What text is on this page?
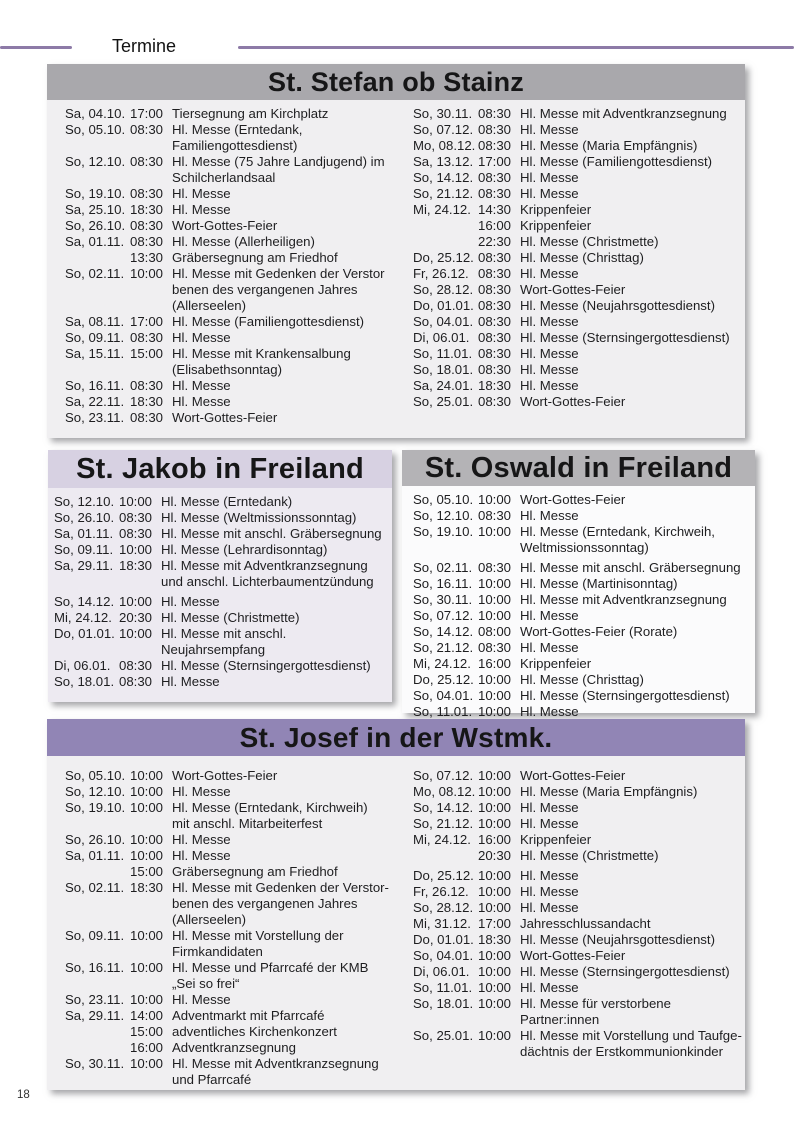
Termine
St. Stefan ob Stainz
Sa, 04.10. 17:00 Tiersegnung am Kirchplatz
So, 05.10. 08:30 Hl. Messe (Erntedank,
Familiengottesdienst)
So, 12.10. 08:30 Hl. Messe (75 Jahre Landjugend) im
Schilcherlandsaal
So, 19.10. 08:30 Hl. Messe
Sa, 25.10. 18:30 Hl. Messe
So, 26.10. 08:30 Wort-Gottes-Feier
Sa, 01.11. 08:30 Hl. Messe (Allerheiligen)
13:30 Gräbersegnung am Friedhof
So, 02.11. 10:00 Hl. Messe mit Gedenken der Verstor
benen des vergangenen Jahres
(Allerseelen)
Sa, 08.11. 17:00 Hl. Messe (Familiengottesdienst)
So, 09.11. 08:30 Hl. Messe
Sa, 15.11. 15:00 Hl. Messe mit Krankensalbung
(Elisabethsonntag)
So, 16.11. 08:30 Hl. Messe
Sa, 22.11. 18:30 Hl. Messe
So, 23.11. 08:30 Wort-Gottes-Feier
So, 30.11. 08:30 Hl. Messe mit Adventkranzsegnung
So, 07.12. 08:30 Hl. Messe
Mo, 08.12. 08:30 Hl. Messe (Maria Empfängnis)
Sa, 13.12. 17:00 Hl. Messe (Familiengottesdienst)
So, 14.12. 08:30 Hl. Messe
So, 21.12. 08:30 Hl. Messe
Mi, 24.12. 14:30 Krippenfeier
16:00 Krippenfeier
22:30 Hl. Messe (Christmette)
Do, 25.12. 08:30 Hl. Messe (Christtag)
Fr, 26.12. 08:30 Hl. Messe
So, 28.12. 08:30 Wort-Gottes-Feier
Do, 01.01. 08:30 Hl. Messe (Neujahrsgottesdienst)
So, 04.01. 08:30 Hl. Messe
Di, 06.01. 08:30 Hl. Messe (Sternsingergottesdienst)
So, 11.01. 08:30 Hl. Messe
So, 18.01. 08:30 Hl. Messe
Sa, 24.01. 18:30 Hl. Messe
So, 25.01. 08:30 Wort-Gottes-Feier
St. Jakob in Freiland
So, 12.10. 10:00 Hl. Messe (Erntedank)
So, 26.10. 08:30 Hl. Messe (Weltmissionssonntag)
Sa, 01.11. 08:30 Hl. Messe mit anschl. Gräbersegnung
So, 09.11. 10:00 Hl. Messe (Lehrardisonntag)
Sa, 29.11. 18:30 Hl. Messe mit Adventkranzsegnung
und anschl. Lichterbaumentzündung
So, 14.12. 10:00 Hl. Messe
Mi, 24.12. 20:30 Hl. Messe (Christmette)
Do, 01.01. 10:00 Hl. Messe mit anschl.
Neujahrsempfang
Di, 06.01. 08:30 Hl. Messe (Sternsingergottesdienst)
So, 18.01. 08:30 Hl. Messe
St. Oswald in Freiland
So, 05.10. 10:00 Wort-Gottes-Feier
So, 12.10. 08:30 Hl. Messe
So, 19.10. 10:00 Hl. Messe (Erntedank, Kirchweih,
Weltmissionssonntag)
So, 02.11. 08:30 Hl. Messe mit anschl. Gräbersegnung
So, 16.11. 10:00 Hl. Messe (Martinisonntag)
So, 30.11. 10:00 Hl. Messe mit Adventkranzsegnung
So, 07.12. 10:00 Hl. Messe
So, 14.12. 08:00 Wort-Gottes-Feier (Rorate)
So, 21.12. 08:30 Hl. Messe
Mi, 24.12. 16:00 Krippenfeier
Do, 25.12. 10:00 Hl. Messe (Christtag)
So, 04.01. 10:00 Hl. Messe (Sternsingergottesdienst)
So, 11.01. 10:00 Hl. Messe
St. Josef in der Wstmk.
So, 05.10. 10:00 Wort-Gottes-Feier
So, 12.10. 10:00 Hl. Messe
So, 19.10. 10:00 Hl. Messe (Erntedank, Kirchweih)
mit anschl. Mitarbeiterfest
So, 26.10. 10:00 Hl. Messe
Sa, 01.11. 10:00 Hl. Messe
15:00 Gräbersegnung am Friedhof
So, 02.11. 18:30 Hl. Messe mit Gedenken der Verstor-
benen des vergangenen Jahres
(Allerseelen)
So, 09.11. 10:00 Hl. Messe mit Vorstellung der
Firmkandidaten
So, 16.11. 10:00 Hl. Messe und Pfarrcafé der KMB
„Sei so frei“
So, 23.11. 10:00 Hl. Messe
Sa, 29.11. 14:00 Adventmarkt mit Pfarrcafé
15:00 adventliches Kirchenkonzert
16:00 Adventkranzsegnung
So, 30.11. 10:00 Hl. Messe mit Adventkranzsegnung
und Pfarrcafé
So, 07.12. 10:00 Wort-Gottes-Feier
Mo, 08.12. 10:00 Hl. Messe (Maria Empfängnis)
So, 14.12. 10:00 Hl. Messe
So, 21.12. 10:00 Hl. Messe
Mi, 24.12. 16:00 Krippenfeier
20:30 Hl. Messe (Christmette)
Do, 25.12. 10:00 Hl. Messe
Fr, 26.12. 10:00 Hl. Messe
So, 28.12. 10:00 Hl. Messe
Mi, 31.12. 17:00 Jahresschlussandacht
Do, 01.01. 18:30 Hl. Messe (Neujahrsgottesdienst)
So, 04.01. 10:00 Wort-Gottes-Feier
Di, 06.01. 10:00 Hl. Messe (Sternsingergottesdienst)
So, 11.01. 10:00 Hl. Messe
So, 18.01. 10:00 Hl. Messe für verstorbene
Partner:innen
So, 25.01. 10:00 Hl. Messe mit Vorstellung und Taufge-
dächtnis der Erstkommunionkinder
18
